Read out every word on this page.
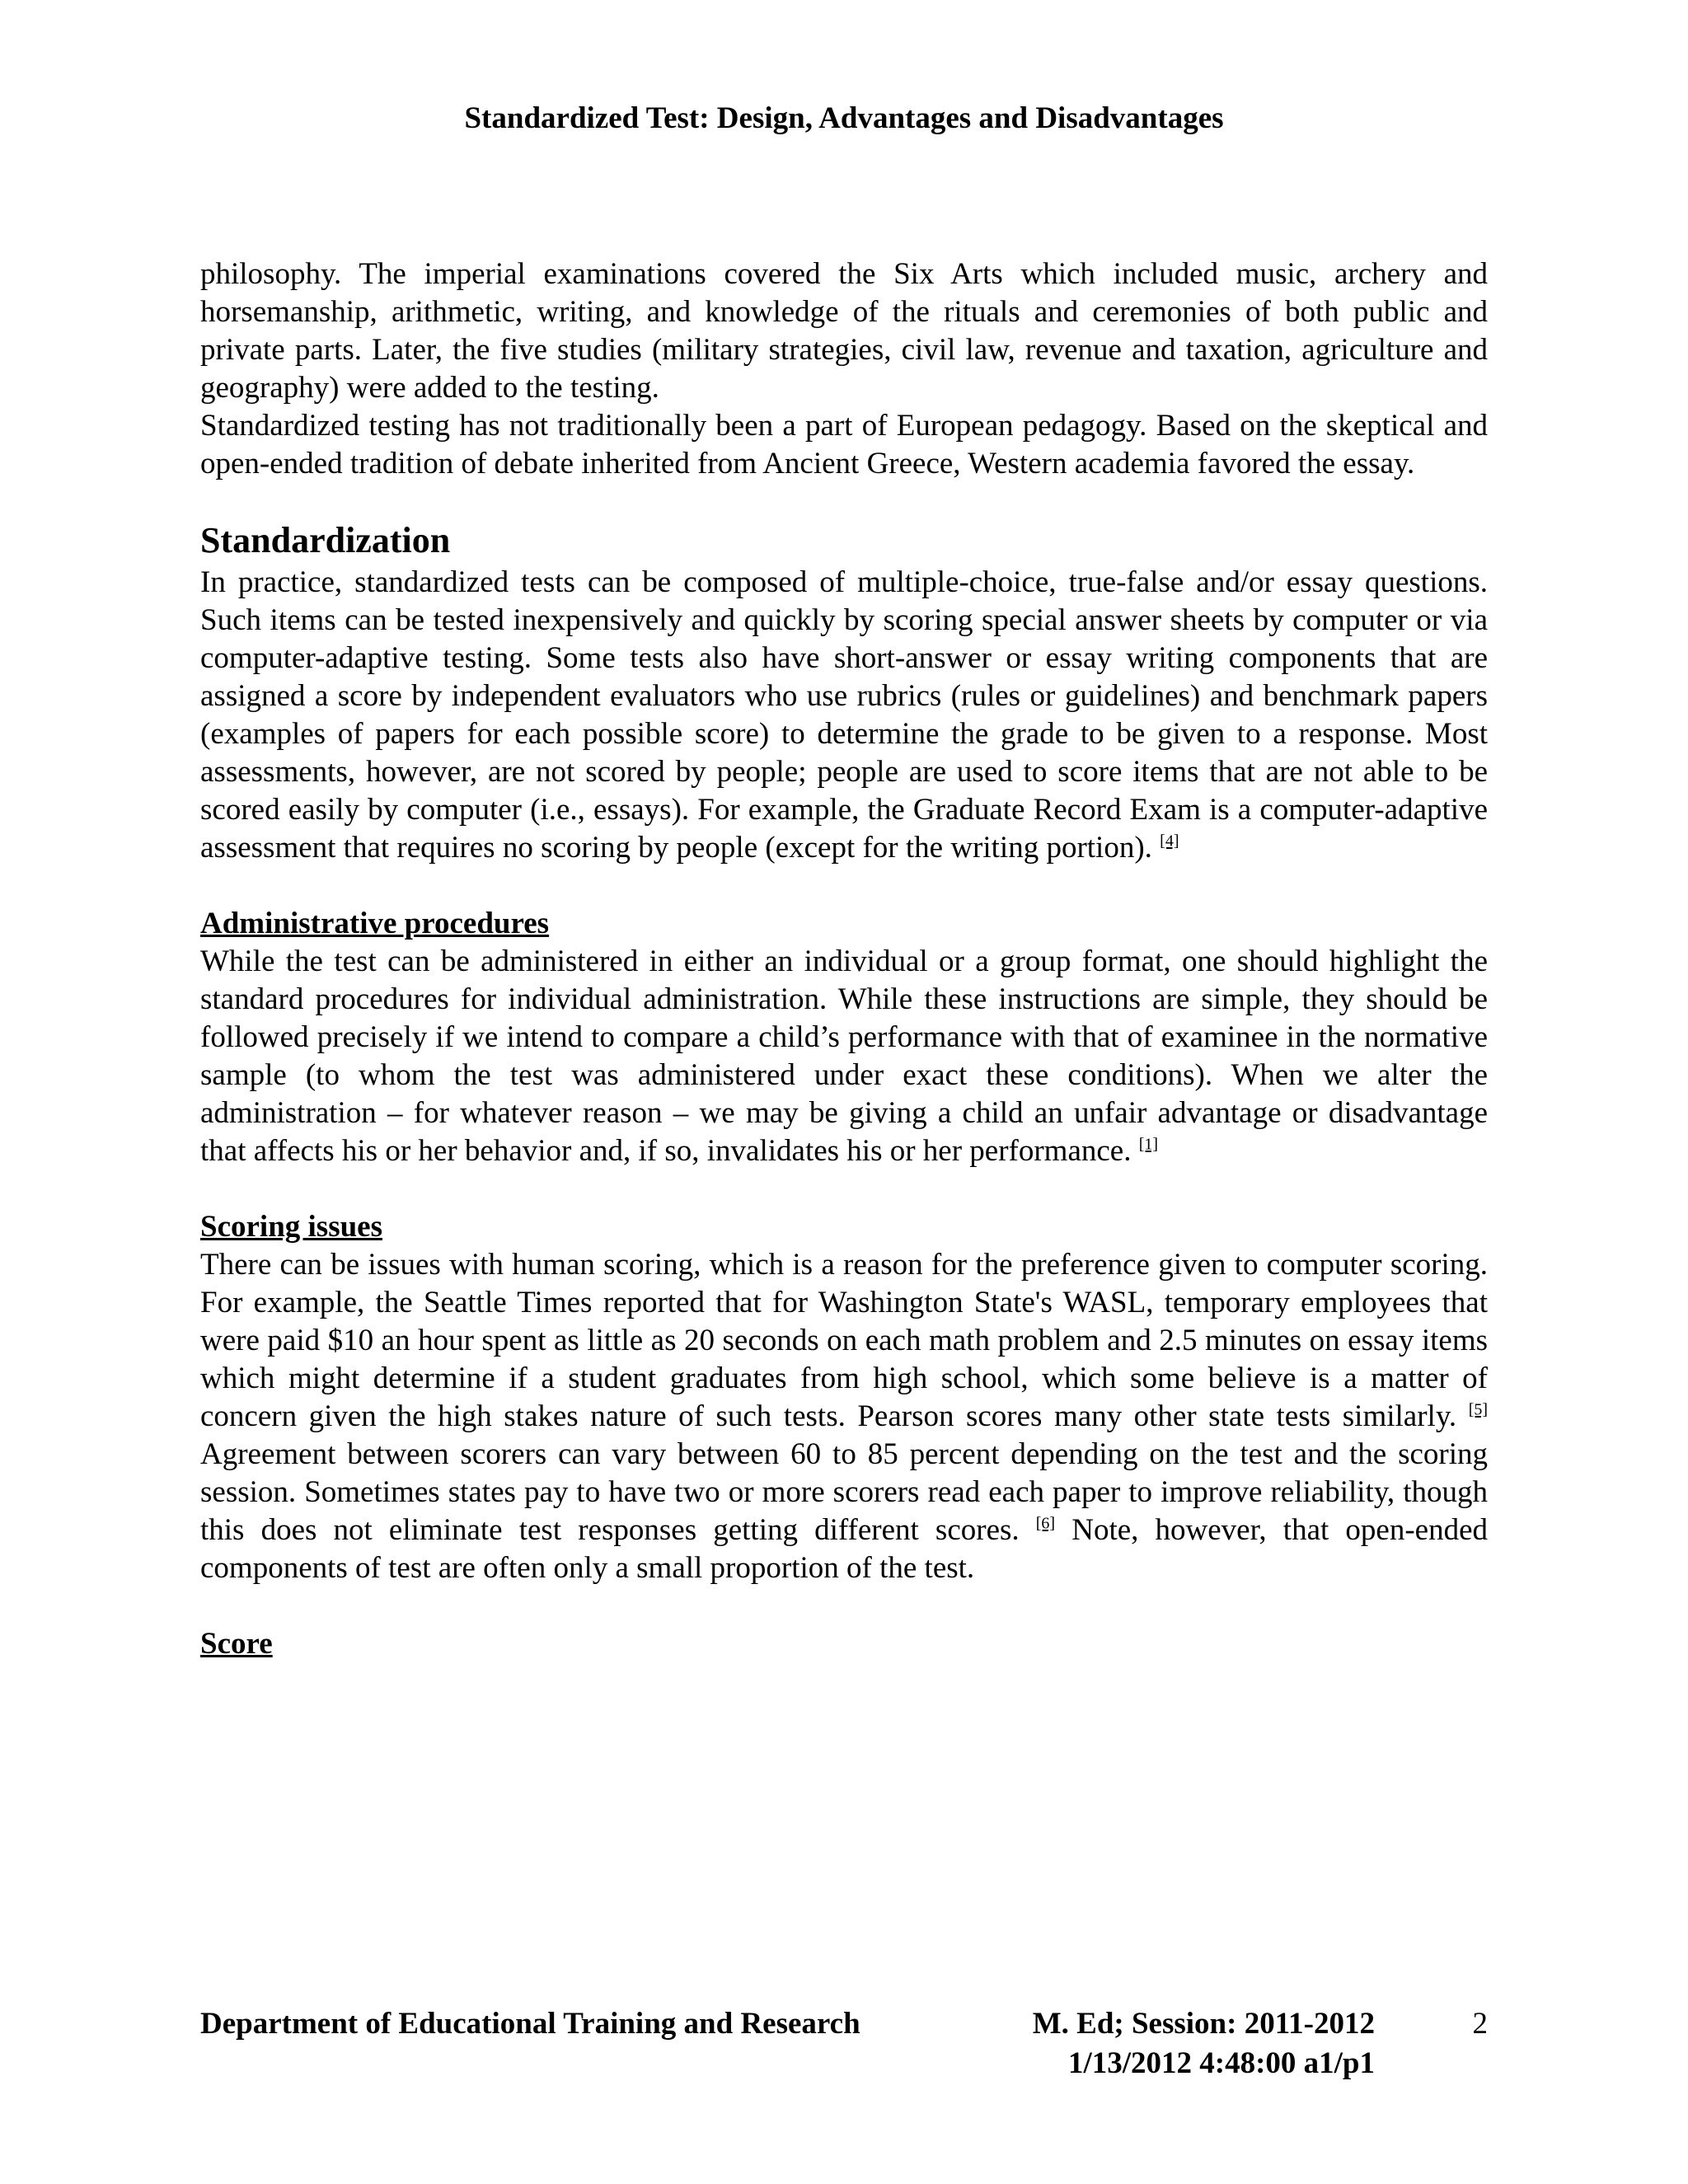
Standardized Test: Design, Advantages and Disadvantages

philosophy. The imperial examinations covered the Six Arts which included music, archery and horsemanship, arithmetic, writing, and knowledge of the rituals and ceremonies of both public and private parts. Later, the five studies (military strategies, civil law, revenue and taxation, agriculture and geography) were added to the testing.

Standardized testing has not traditionally been a part of European pedagogy. Based on the skeptical and open-ended tradition of debate inherited from Ancient Greece, Western academia favored the essay.

Standardization

In practice, standardized tests can be composed of multiple-choice, true-false and/or essay questions. Such items can be tested inexpensively and quickly by scoring special answer sheets by computer or via computer-adaptive testing. Some tests also have short-answer or essay writing components that are assigned a score by independent evaluators who use rubrics (rules or guidelines) and benchmark papers (examples of papers for each possible score) to determine the grade to be given to a response. Most assessments, however, are not scored by people; people are used to score items that are not able to be scored easily by computer (i.e., essays). For example, the Graduate Record Exam is a computer-adaptive assessment that requires no scoring by people (except for the writing portion). [4]

Administrative procedures

While the test can be administered in either an individual or a group format, one should highlight the standard procedures for individual administration. While these instructions are simple, they should be followed precisely if we intend to compare a child’s performance with that of examinee in the normative sample (to whom the test was administered under exact these conditions). When we alter the administration – for whatever reason – we may be giving a child an unfair advantage or disadvantage that affects his or her behavior and, if so, invalidates his or her performance. [1]

Scoring issues

There can be issues with human scoring, which is a reason for the preference given to computer scoring. For example, the Seattle Times reported that for Washington State's WASL, temporary employees that were paid $10 an hour spent as little as 20 seconds on each math problem and 2.5 minutes on essay items which might determine if a student graduates from high school, which some believe is a matter of concern given the high stakes nature of such tests. Pearson scores many other state tests similarly. [5] Agreement between scorers can vary between 60 to 85 percent depending on the test and the scoring session. Sometimes states pay to have two or more scorers read each paper to improve reliability, though this does not eliminate test responses getting different scores. [6] Note, however, that open-ended components of test are often only a small proportion of the test.

Score
Department of Educational Training and Research	M. Ed; Session: 2011-2012
1/13/2012 4:48:00 a1/p1
2
